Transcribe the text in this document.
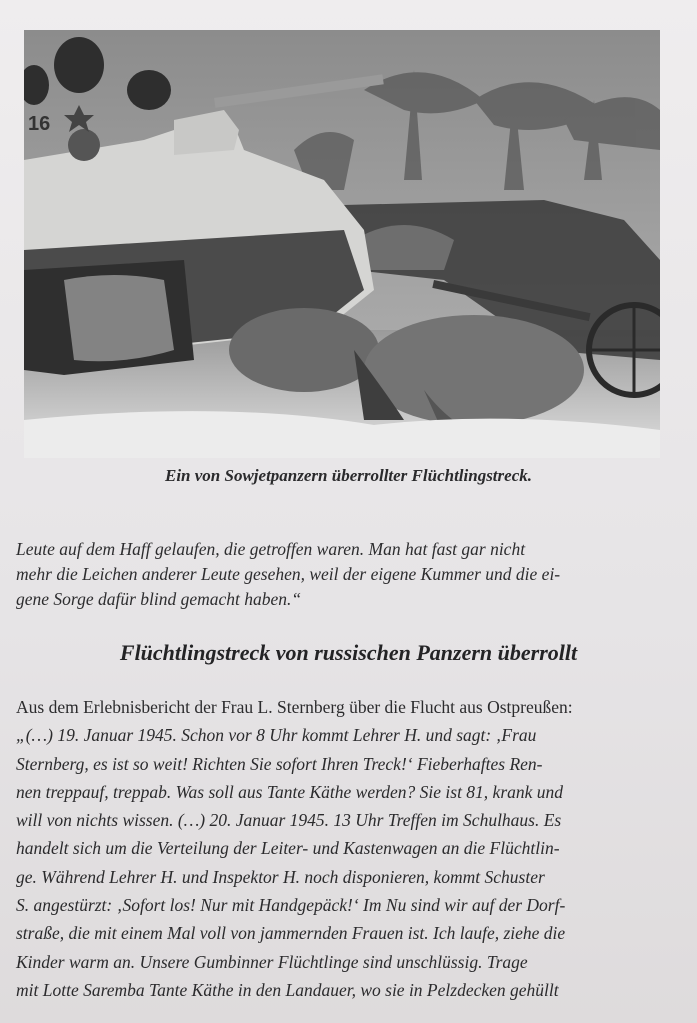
16
Ein von Sowjetpanzern überrollter Flüchtlingstreck.
Leute auf dem Haff gelaufen, die getroffen waren. Man hat fast gar nicht
mehr die Leichen anderer Leute gesehen, weil der eigene Kummer und die ei-
gene Sorge dafür blind gemacht haben.“
Flüchtlingstreck von russischen Panzern überrollt
Aus dem Erlebnisbericht der Frau L. Sternberg über die Flucht aus Ostpreußen:
„(…) 19. Januar 1945. Schon vor 8 Uhr kommt Lehrer H. und sagt: ‚Frau
Sternberg, es ist so weit! Richten Sie sofort Ihren Treck!‘ Fieberhaftes Ren-
nen treppauf, treppab. Was soll aus Tante Käthe werden? Sie ist 81, krank und
will von nichts wissen. (…) 20. Januar 1945. 13 Uhr Treffen im Schulhaus. Es
handelt sich um die Verteilung der Leiter- und Kastenwagen an die Flüchtlin-
ge. Während Lehrer H. und Inspektor H. noch disponieren, kommt Schuster
S. angestürzt: ‚Sofort los! Nur mit Handgepäck!‘ Im Nu sind wir auf der Dorf-
straße, die mit einem Mal voll von jammernden Frauen ist. Ich laufe, ziehe die
Kinder warm an. Unsere Gumbinner Flüchtlinge sind unschlüssig. Trage
mit Lotte Saremba Tante Käthe in den Landauer, wo sie in Pelzdecken gehüllt
